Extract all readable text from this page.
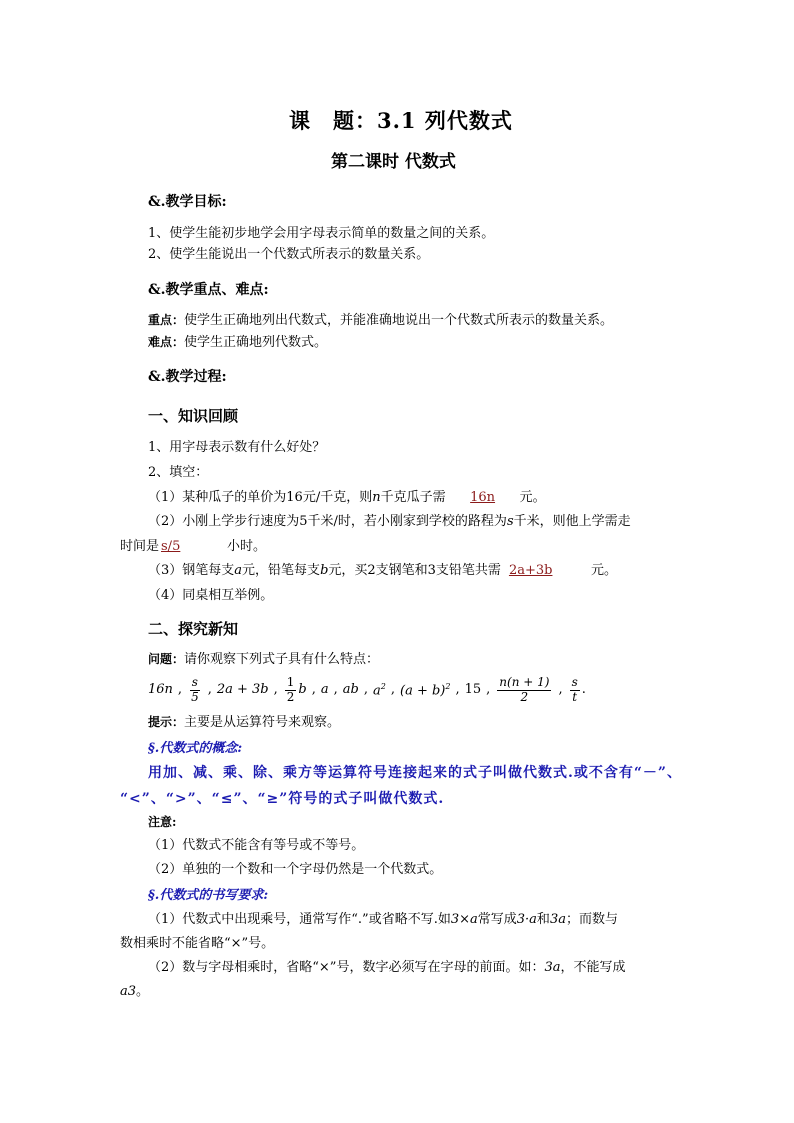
课　题：3.1 列代数式
第二课时 代数式
&.教学目标:
1、使学生能初步地学会用字母表示简单的数量之间的关系。
2、使学生能说出一个代数式所表示的数量关系。
&.教学重点、难点:
重点：使学生正确地列出代数式，并能准确地说出一个代数式所表示的数量关系。
难点：使学生正确地列代数式。
&.教学过程:
一、知识回顾
1、用字母表示数有什么好处？
2、填空：
（1）某种瓜子的单价为16元/千克，则n千克瓜子需 16n 元。
（2）小刚上学步行速度为5千米/时，若小刚家到学校的路程为s千米，则他上学需走
时间是 s/5	小时。
（3）钢笔每支a元，铅笔每支b元，买2支钢笔和3支铅笔共需 2a+3b	元。
（4）同桌相互举例。
二、探究新知
问题：请你观察下列式子具有什么特点：
16n , $\frac{s}{5}$ , 2a + 3b , $\frac{1}{2}$ b , a , ab , $a^2$ , $(a + b)^2$ , 15 , $\frac{n(n + 1)}{2}$ , $\frac{s}{t}$ .
提示：主要是从运算符号来观察。
§.代数式的概念:
用加、减、乘、除、乘方等运算符号连接起来的式子叫做代数式.或不含有“－”、
“<”、“>”、“≤”、“≥”符号的式子叫做代数式.
注意:
（1）代数式不能含有等号或不等号。
（2）单独的一个数和一个字母仍然是一个代数式。
§.代数式的书写要求:
（1）代数式中出现乘号，通常写作“.”或省略不写.如3×a常写成3·a和3a；而数与
数相乘时不能省略“×”号。
（2）数与字母相乘时，省略“×”号，数字必须写在字母的前面。如：3a，不能写成
a3。
